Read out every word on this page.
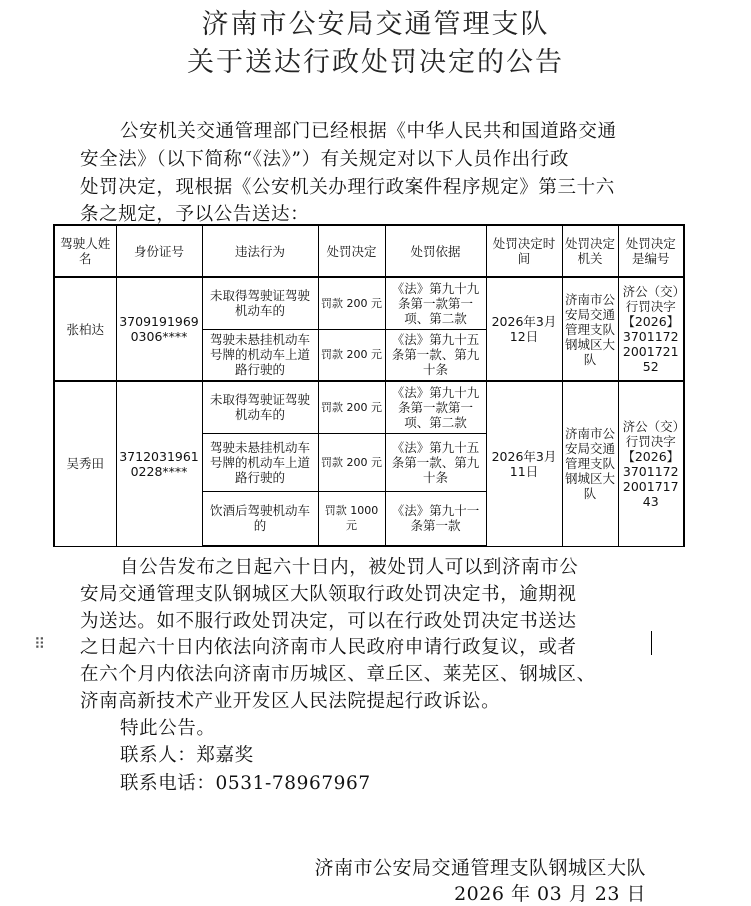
济南市公安局交通管理支队
关于送达行政处罚决定的公告
公安机关交通管理部门已经根据《中华人民共和国道路交通
安全法》（以下简称“《法》”）有关规定对以下人员作出行政
处罚决定，现根据《公安机关办理行政案件程序规定》第三十六
条之规定，予以公告送达：
驾驶人姓名	身份证号	违法行为	处罚决定	处罚依据	处罚决定时间	处罚决定机关	处罚决定是编号
张柏达	37091919690306****	未取得驾驶证驾驶机动车的	罚款 200 元	《法》第九十九条第一款第一项、第二款	2026年3月12日	济南市公安局交通管理支队钢城区大队	济公（交）行罚决字【2026】3701172200172152
		驾驶未悬挂机动车号牌的机动车上道路行驶的	罚款 200 元	《法》第九十五条第一款、第九十条			
吴秀田	37120319610228****	未取得驾驶证驾驶机动车的	罚款 200 元	《法》第九十九条第一款第一项、第二款	2026年3月11日	济南市公安局交通管理支队钢城区大队	济公（交）行罚决字【2026】3701172200171743
		驾驶未悬挂机动车号牌的机动车上道路行驶的	罚款 200 元	《法》第九十五条第一款、第九十条			
		饮酒后驾驶机动车的	罚款 1000元	《法》第九十一条第一款			
自公告发布之日起六十日内，被处罚人可以到济南市公
安局交通管理支队钢城区大队领取行政处罚决定书，逾期视
为送达。如不服行政处罚决定，可以在行政处罚决定书送达
⠿ 之日起六十日内依法向济南市人民政府申请行政复议，或者
在六个月内依法向济南市历城区、章丘区、莱芜区、钢城区、
济南高新技术产业开发区人民法院提起行政诉讼。
特此公告。
联系人：郑嘉奖
联系电话：0531-78967967
济南市公安局交通管理支队钢城区大队
2026 年 03 月 23 日
